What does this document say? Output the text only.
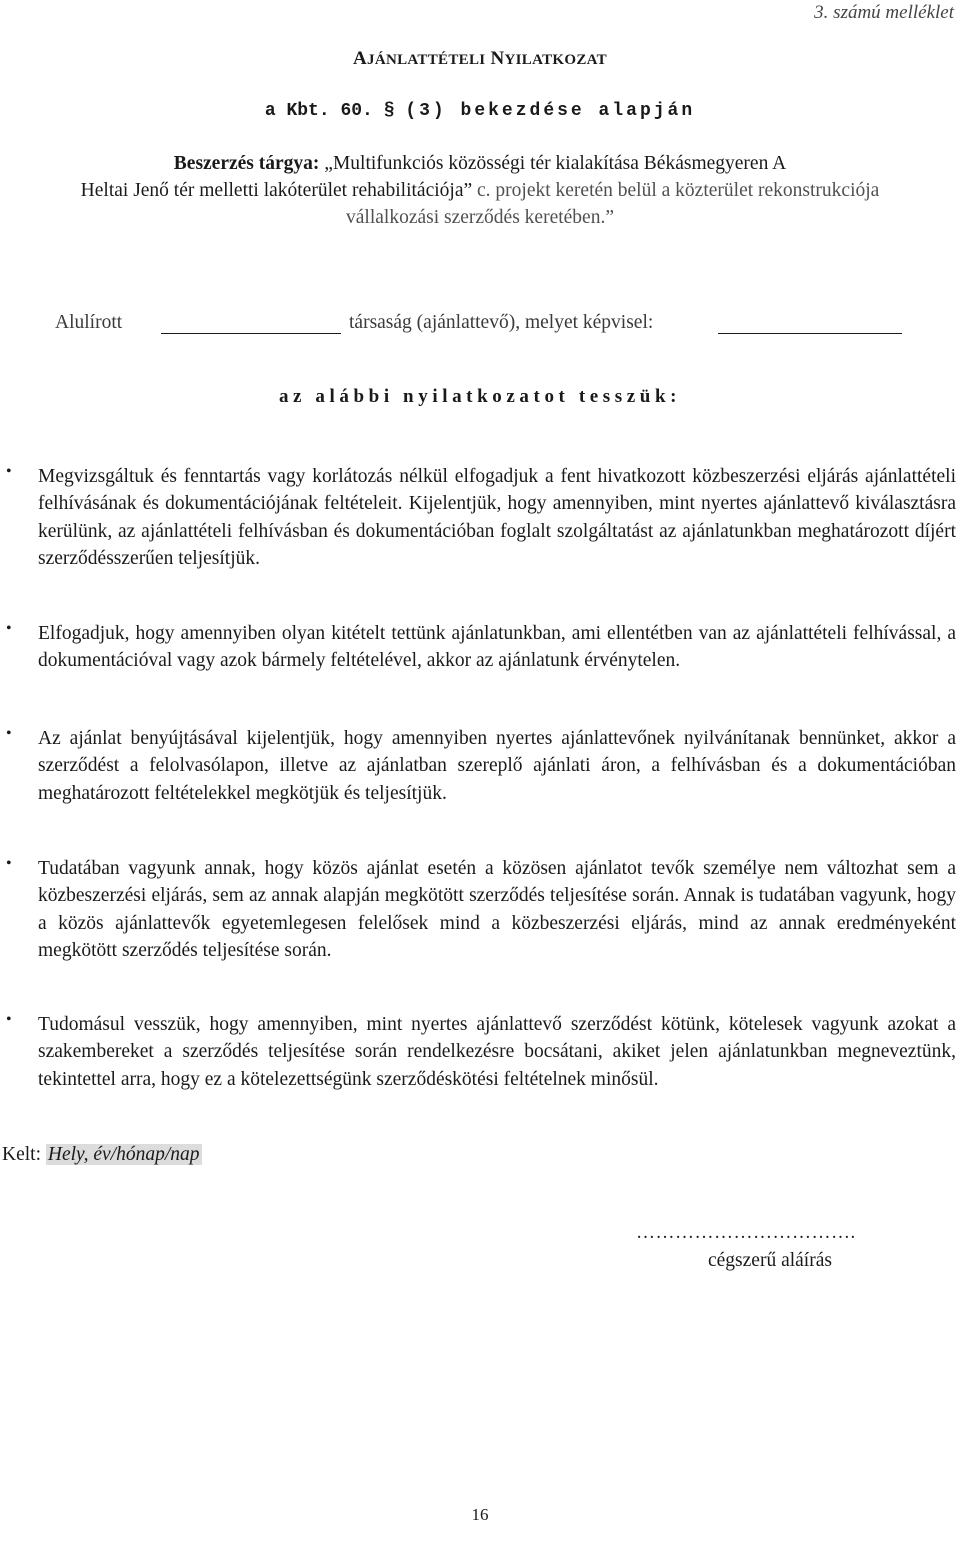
3. számú melléklet
AJÁNLATTÉTELI NYILATKOZAT
a Kbt. 60. § (3) bekezdése alapján
Beszerzés tárgya: „Multifunkciós közösségi tér kialakítása Békásmegyeren A
Heltai Jenő tér melletti lakóterület rehabilitációja” c. projekt keretén belül a közterület rekonstrukciója
vállalkozási szerződés keretében.”
Alulírott	társaság (ajánlattevő), melyet képvisel:
az alábbi nyilatkozatot tesszük:
• Megvizsgáltuk és fenntartás vagy korlátozás nélkül elfogadjuk a fent hivatkozott közbeszerzési eljárás ajánlattételi felhívásának és dokumentációjának feltételeit. Kijelentjük, hogy amennyiben, mint nyertes ajánlattevő kiválasztásra kerülünk, az ajánlattételi felhívásban és dokumentációban foglalt szolgáltatást az ajánlatunkban meghatározott díjért szerződésszerűen teljesítjük.
• Elfogadjuk, hogy amennyiben olyan kitételt tettünk ajánlatunkban, ami ellentétben van az ajánlattételi felhívással, a dokumentációval vagy azok bármely feltételével, akkor az ajánlatunk érvénytelen.
• Az ajánlat benyújtásával kijelentjük, hogy amennyiben nyertes ajánlattevőnek nyilvánítanak bennünket, akkor a szerződést a felolvasólapon, illetve az ajánlatban szereplő ajánlati áron, a felhívásban és a dokumentációban meghatározott feltételekkel megkötjük és teljesítjük.
• Tudatában vagyunk annak, hogy közös ajánlat esetén a közösen ajánlatot tevők személye nem változhat sem a közbeszerzési eljárás, sem az annak alapján megkötött szerződés teljesítése során. Annak is tudatában vagyunk, hogy a közös ajánlattevők egyetemlegesen felelősek mind a közbeszerzési eljárás, mind az annak eredményeként megkötött szerződés teljesítése során.
• Tudomásul vesszük, hogy amennyiben, mint nyertes ajánlattevő szerződést kötünk, kötelesek vagyunk azokat a szakembereket a szerződés teljesítése során rendelkezésre bocsátani, akiket jelen ajánlatunkban megneveztünk, tekintettel arra, hogy ez a kötelezettségünk szerződéskötési feltételnek minősül.
Kelt: Hely, év/hónap/nap
…………………………….
cégszerű aláírás
16
